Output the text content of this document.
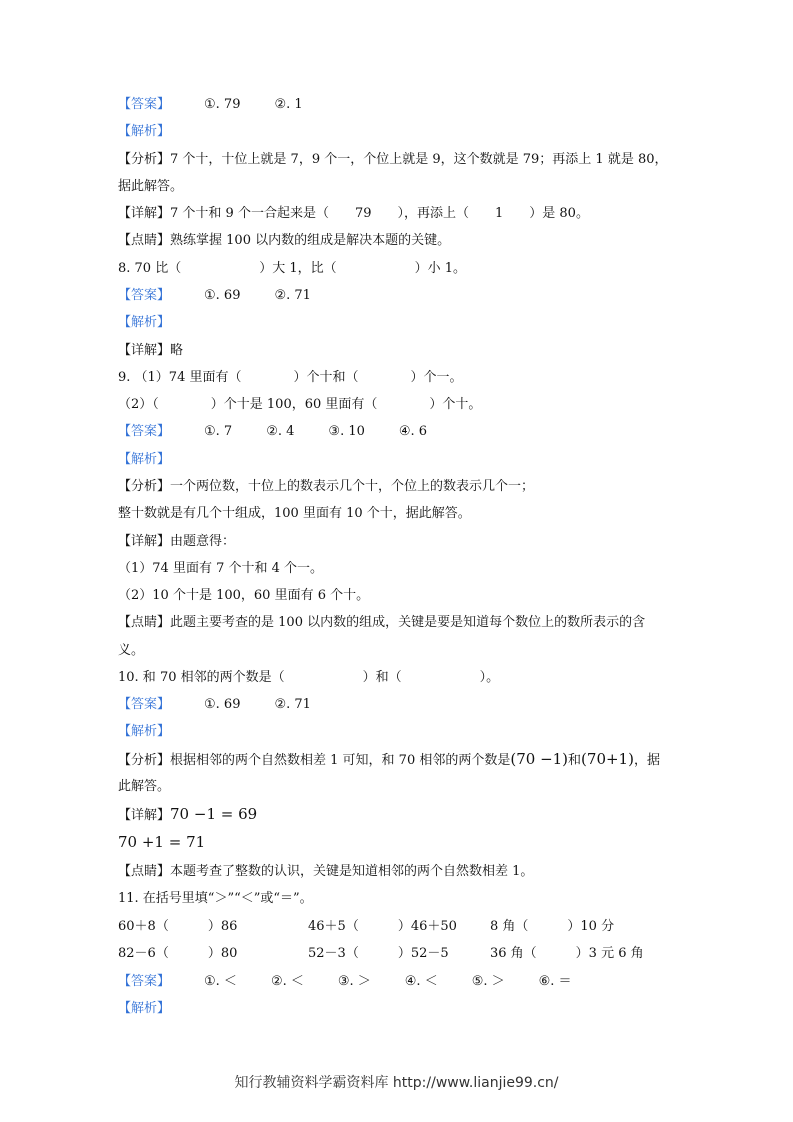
【答案】	①. 79	②. 1
【解析】
【分析】7 个十，十位上就是 7，9 个一，个位上就是 9，这个数就是 79；再添上 1 就是 80，
据此解答。
【详解】7 个十和 9 个一合起来是（　　79　　），再添上（　　1　　）是 80。
【点睛】熟练掌握 100 以内数的组成是解决本题的关键。
8. 70 比（　　　　　　）大 1，比（　　　　　　）小 1。
【答案】	①. 69	②. 71
【解析】
【详解】略
9. （1）74 里面有（　　　　）个十和（　　　　）个一。
（2）（　　　　）个十是 100，60 里面有（　　　　）个十。
【答案】	①. 7	②. 4	③. 10	④. 6
【解析】
【分析】一个两位数，十位上的数表示几个十，个位上的数表示几个一；
整十数就是有几个十组成，100 里面有 10 个十，据此解答。
【详解】由题意得：
（1）74 里面有 7 个十和 4 个一。
（2）10 个十是 100，60 里面有 6 个十。
【点睛】此题主要考查的是 100 以内数的组成，关键是要是知道每个数位上的数所表示的含
义。
10. 和 70 相邻的两个数是（　　　　　　）和（　　　　　　）。
【答案】	①. 69	②. 71
【解析】
【分析】根据相邻的两个自然数相差 1 可知，和 70 相邻的两个数是(70 −1)和(70+1)，据
此解答。
【详解】70 −1 = 69
70 +1 = 71
【点睛】本题考查了整数的认识，关键是知道相邻的两个自然数相差 1。
11. 在括号里填“＞”“＜”或“＝”。
60＋8（　　　）86	46＋5（　　　）46＋50	8 角（　　　）10 分
82－6（　　　）80	52－3（　　　）52－5	36 角（　　　）3 元 6 角
【答案】	①. ＜	②. ＜	③. ＞	④. ＜	⑤. ＞	⑥. ＝
【解析】
知行教辅资料学霸资料库 http://www.lianjie99.cn/
